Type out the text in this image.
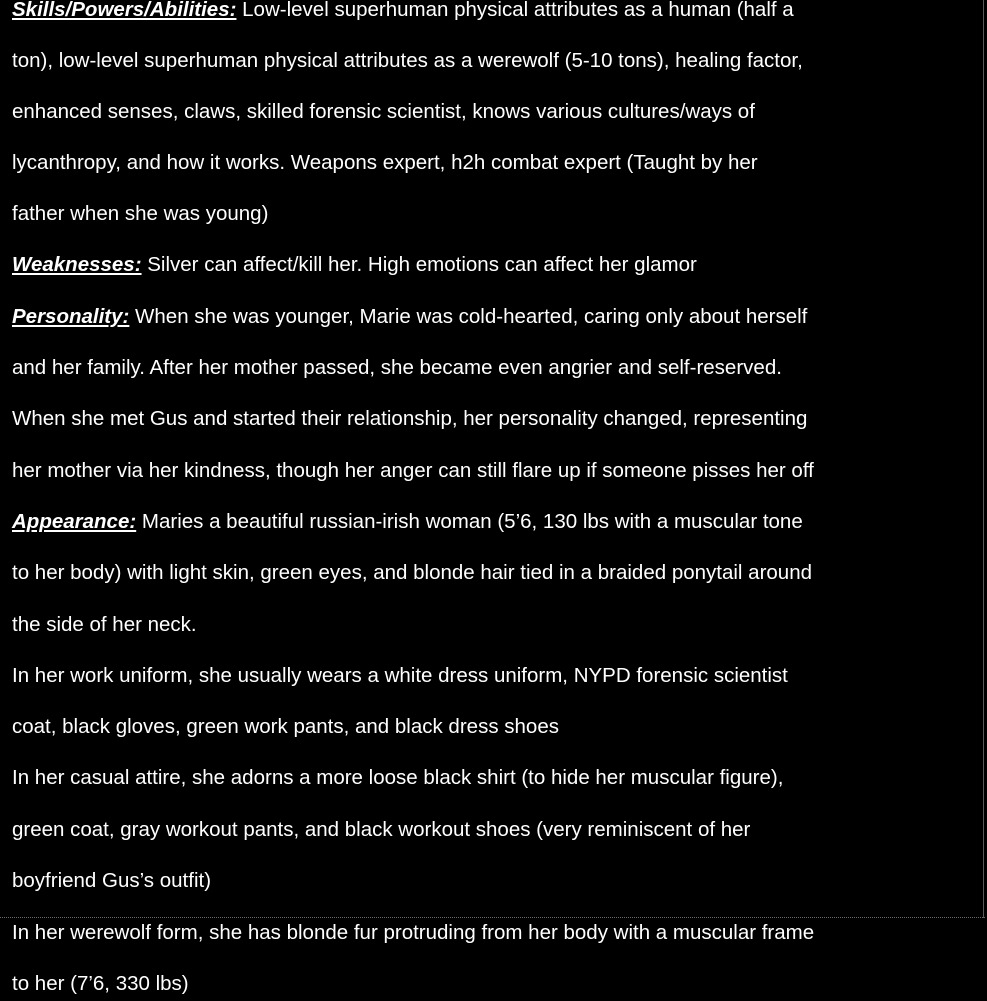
Skills/Powers/Abilities: Low-level superhuman physical attributes as a human (half a
ton), low-level superhuman physical attributes as a werewolf (5-10 tons), healing factor,
enhanced senses, claws, skilled forensic scientist, knows various cultures/ways of
lycanthropy, and how it works. Weapons expert, h2h combat expert (Taught by her
father when she was young)
Weaknesses: Silver can affect/kill her. High emotions can affect her glamor
Personality: When she was younger, Marie was cold-hearted, caring only about herself
and her family. After her mother passed, she became even angrier and self-reserved.
When she met Gus and started their relationship, her personality changed, representing
her mother via her kindness, though her anger can still flare up if someone pisses her off
Appearance: Maries a beautiful russian-irish woman (5’6, 130 lbs with a muscular tone
to her body) with light skin, green eyes, and blonde hair tied in a braided ponytail around
the side of her neck.
In her work uniform, she usually wears a white dress uniform, NYPD forensic scientist
coat, black gloves, green work pants, and black dress shoes
In her casual attire, she adorns a more loose black shirt (to hide her muscular figure),
green coat, gray workout pants, and black workout shoes (very reminiscent of her
boyfriend Gus’s outfit)
In her werewolf form, she has blonde fur protruding from her body with a muscular frame
to her (7’6, 330 lbs)
